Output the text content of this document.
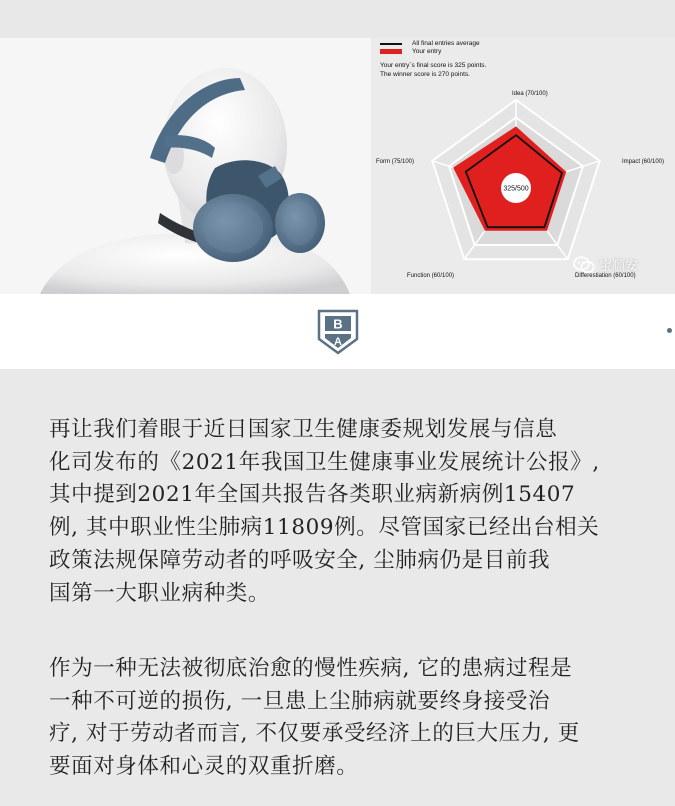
All final entries average
Your entry
Your entry`s final score is 325 points.
The winner score is 270 points.
325/500
Idea (70/100)
Impact (60/100)
Differestiation (60/100)
Function (60/100)
Form (75/100)
宝顺安
B
A
再让我们着眼于近日国家卫生健康委规划发展与信息
化司发布的《2021年我国卫生健康事业发展统计公报》,
其中提到2021年全国共报告各类职业病新病例15407
例, 其中职业性尘肺病11809例。尽管国家已经出台相关
政策法规保障劳动者的呼吸安全, 尘肺病仍是目前我
国第一大职业病种类。
作为一种无法被彻底治愈的慢性疾病, 它的患病过程是
一种不可逆的损伤, 一旦患上尘肺病就要终身接受治
疗, 对于劳动者而言, 不仅要承受经济上的巨大压力, 更
要面对身体和心灵的双重折磨。
